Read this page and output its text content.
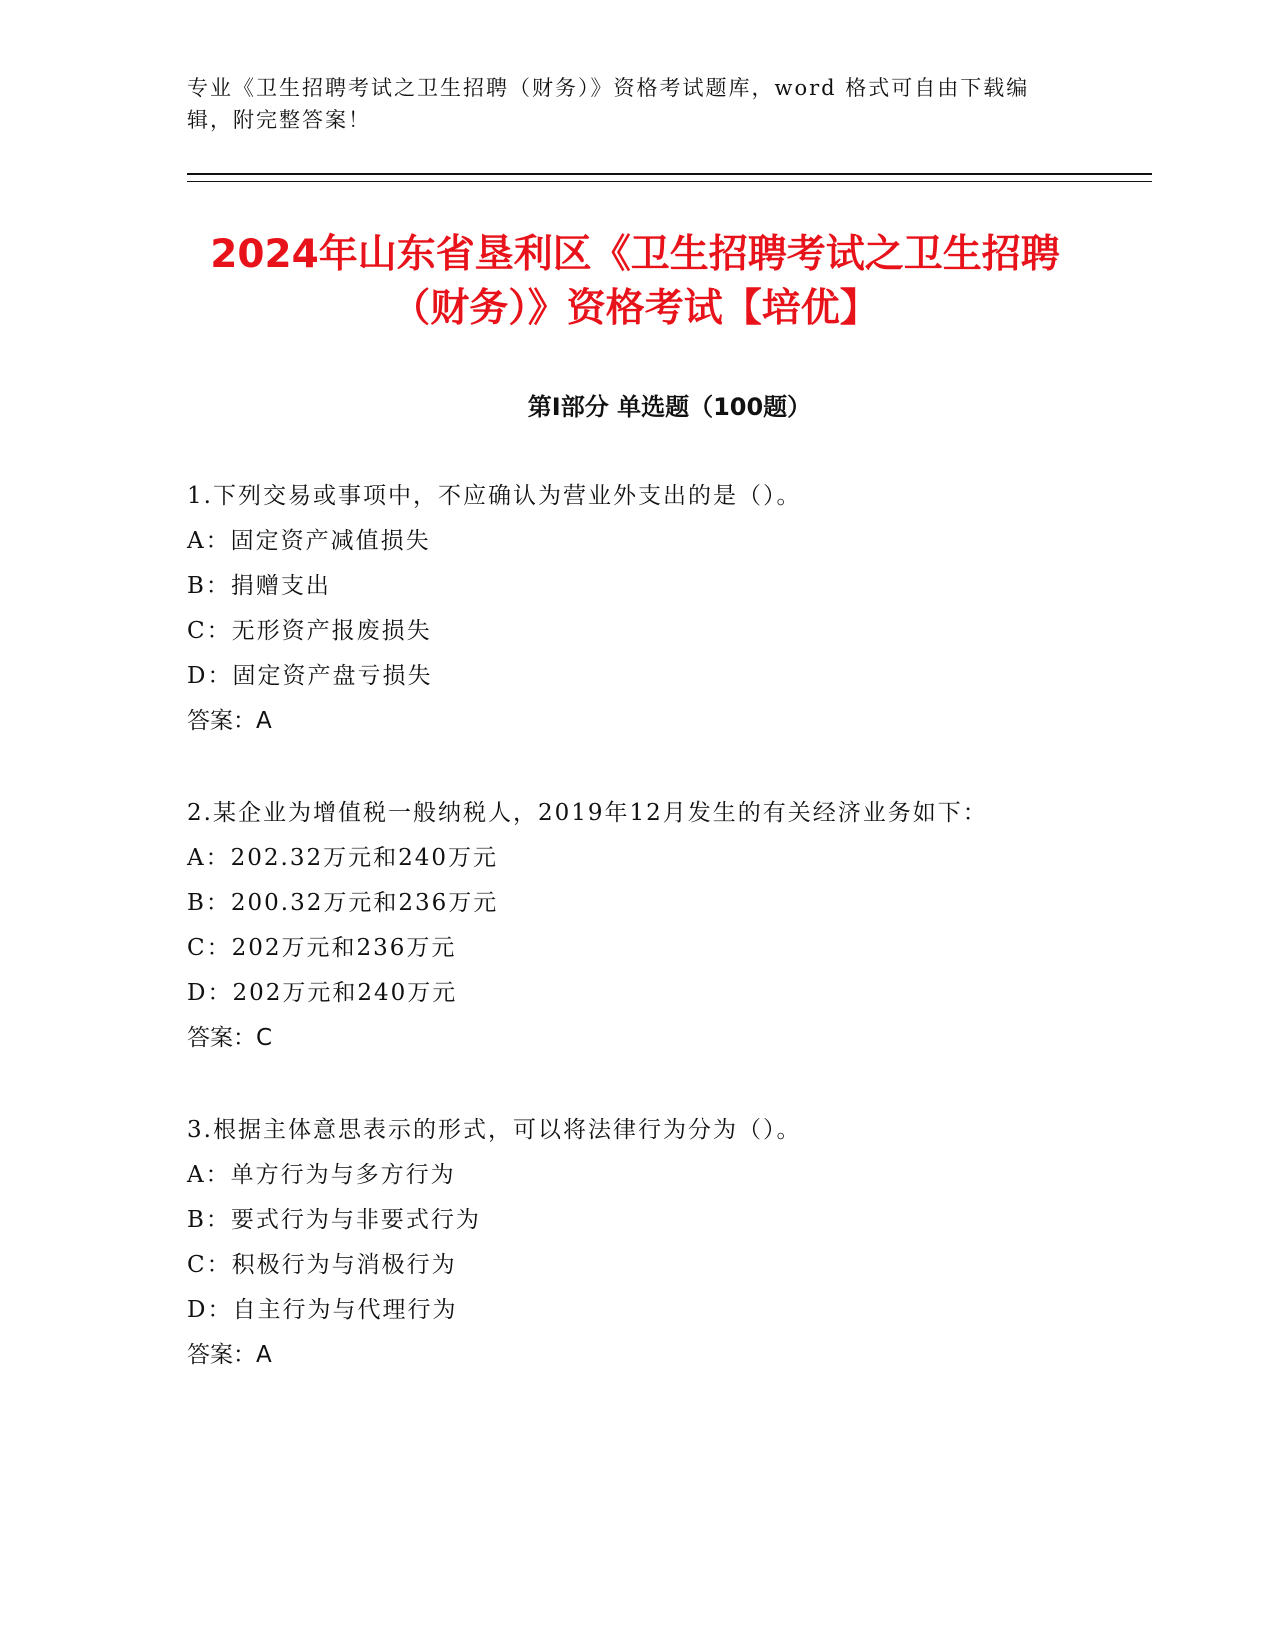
专业《卫生招聘考试之卫生招聘（财务）》资格考试题库，word 格式可自由下载编辑，附完整答案！
2024年山东省垦利区《卫生招聘考试之卫生招聘（财务）》资格考试【培优】
第Ⅰ部分 单选题（100题）
1.下列交易或事项中，不应确认为营业外支出的是（）。
A：固定资产减值损失
B：捐赠支出
C：无形资产报废损失
D：固定资产盘亏损失
答案：A
2.某企业为增值税一般纳税人，2019年12月发生的有关经济业务如下：
A：202.32万元和240万元
B：200.32万元和236万元
C：202万元和236万元
D：202万元和240万元
答案：C
3.根据主体意思表示的形式，可以将法律行为分为（）。
A：单方行为与多方行为
B：要式行为与非要式行为
C：积极行为与消极行为
D：自主行为与代理行为
答案：A
